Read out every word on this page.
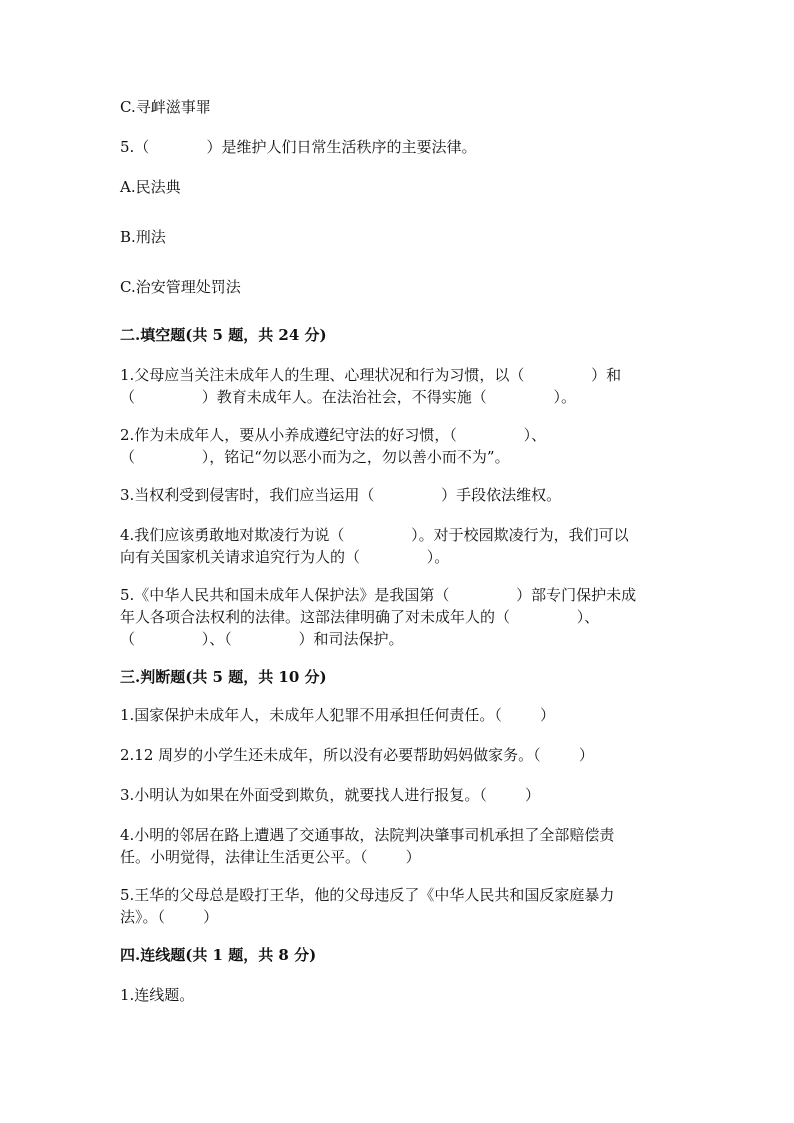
C.寻衅滋事罪
5.（            ）是维护人们日常生活秩序的主要法律。
A.民法典
B.刑法
C.治安管理处罚法
二.填空题(共 5 题，共 24 分)
1.父母应当关注未成年人的生理、心理状况和行为习惯，以（              ）和
（              ）教育未成年人。在法治社会，不得实施（              ）。
2.作为未成年人，要从小养成遵纪守法的好习惯，（              ）、
（              ），铭记“勿以恶小而为之，勿以善小而不为”。
3.当权利受到侵害时，我们应当运用（              ）手段依法维权。
4.我们应该勇敢地对欺凌行为说（              ）。对于校园欺凌行为，我们可以
向有关国家机关请求追究行为人的（              ）。
5.《中华人民共和国未成年人保护法》是我国第（              ）部专门保护未成
年人各项合法权利的法律。这部法律明确了对未成年人的（              ）、
（              ）、（              ）和司法保护。
三.判断题(共 5 题，共 10 分)
1.国家保护未成年人，未成年人犯罪不用承担任何责任。（        ）
2.12 周岁的小学生还未成年，所以没有必要帮助妈妈做家务。（        ）
3.小明认为如果在外面受到欺负，就要找人进行报复。（        ）
4.小明的邻居在路上遭遇了交通事故，法院判决肇事司机承担了全部赔偿责
任。小明觉得，法律让生活更公平。（        ）
5.王华的父母总是殴打王华，他的父母违反了《中华人民共和国反家庭暴力
法》。（        ）
四.连线题(共 1 题，共 8 分)
1.连线题。
